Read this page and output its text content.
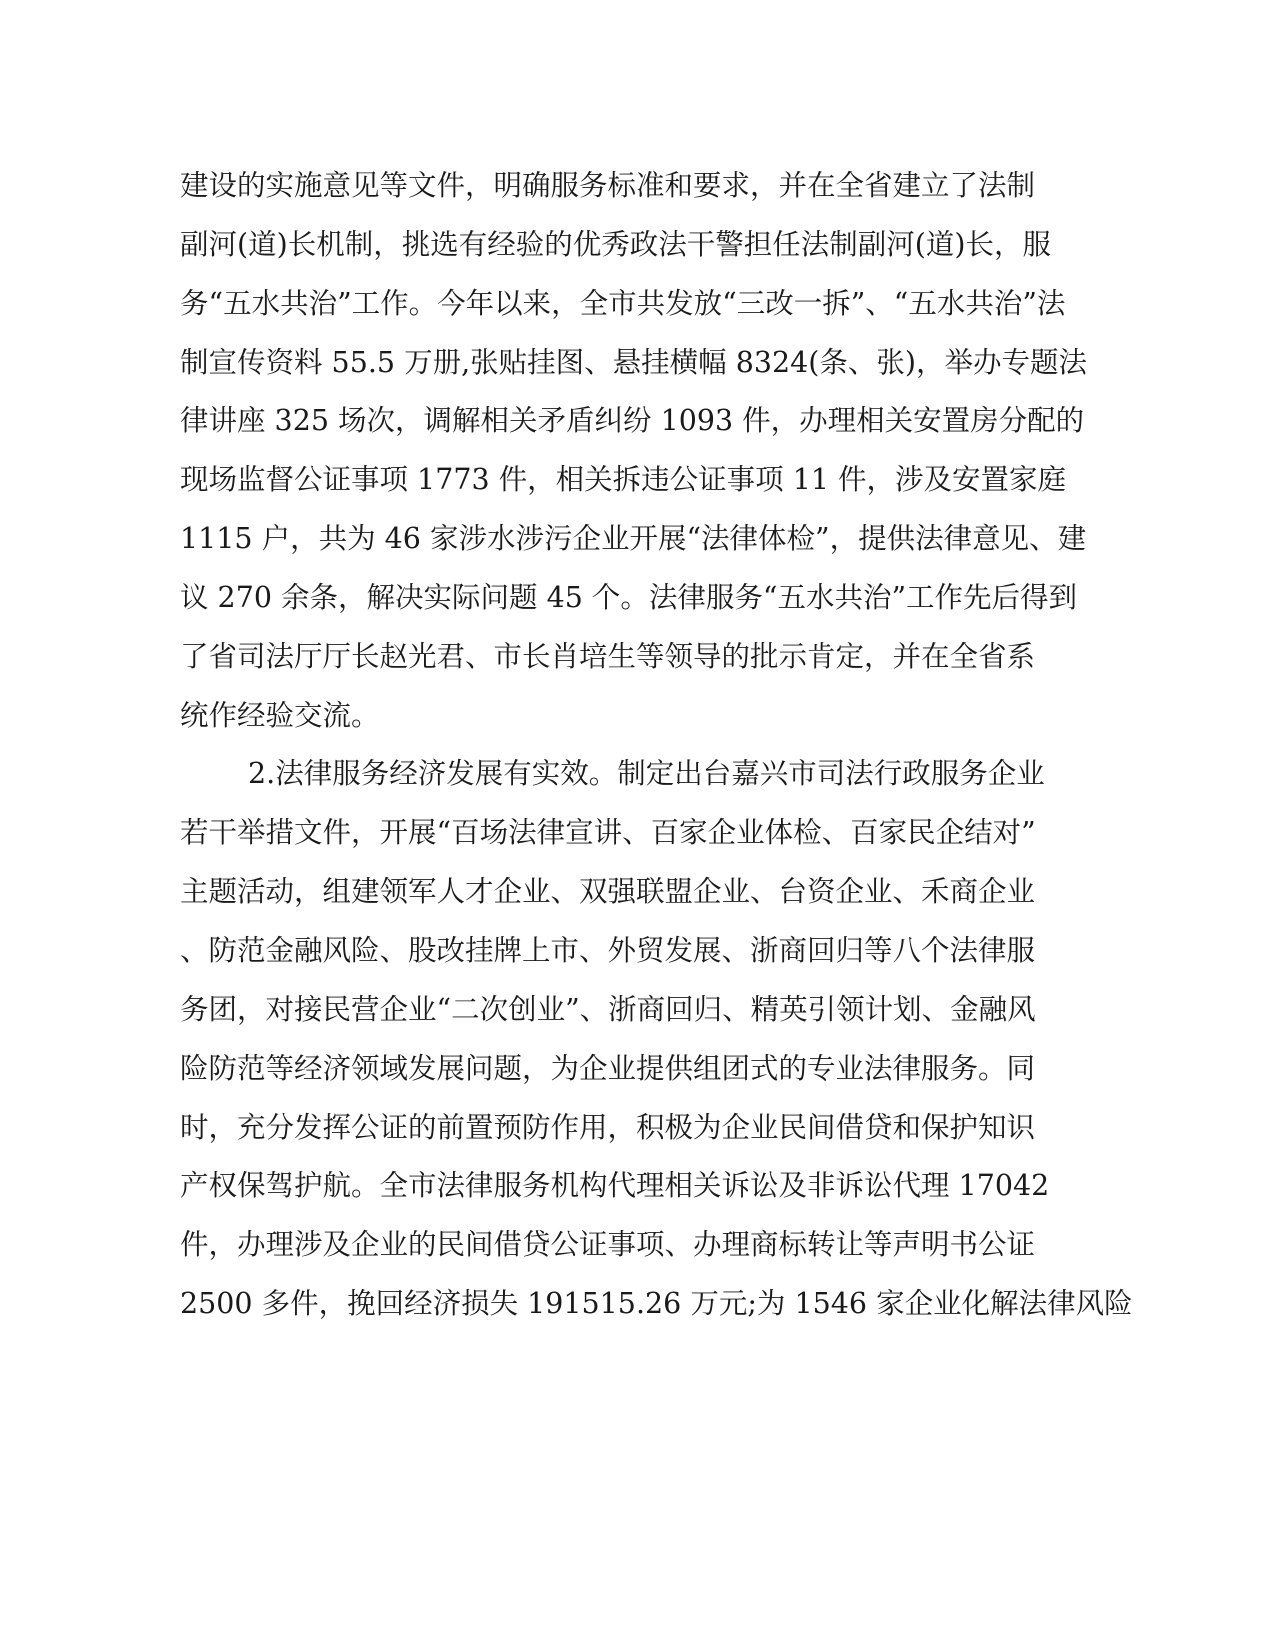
建设的实施意见等文件，明确服务标准和要求，并在全省建立了法制
副河(道)长机制，挑选有经验的优秀政法干警担任法制副河(道)长，服
务“五水共治”工作。今年以来，全市共发放“三改一拆”、“五水共治”法
制宣传资料 55.5 万册,张贴挂图、悬挂横幅 8324(条、张)，举办专题法
律讲座 325 场次，调解相关矛盾纠纷 1093 件，办理相关安置房分配的
现场监督公证事项 1773 件，相关拆违公证事项 11 件，涉及安置家庭
1115 户，共为 46 家涉水涉污企业开展“法律体检”，提供法律意见、建
议 270 余条，解决实际问题 45 个。法律服务“五水共治”工作先后得到
了省司法厅厅长赵光君、市长肖培生等领导的批示肯定，并在全省系
统作经验交流。
2.法律服务经济发展有实效。制定出台嘉兴市司法行政服务企业
若干举措文件，开展“百场法律宣讲、百家企业体检、百家民企结对”
主题活动，组建领军人才企业、双强联盟企业、台资企业、禾商企业
、防范金融风险、股改挂牌上市、外贸发展、浙商回归等八个法律服
务团，对接民营企业“二次创业”、浙商回归、精英引领计划、金融风
险防范等经济领域发展问题，为企业提供组团式的专业法律服务。同
时，充分发挥公证的前置预防作用，积极为企业民间借贷和保护知识
产权保驾护航。全市法律服务机构代理相关诉讼及非诉讼代理 17042
件，办理涉及企业的民间借贷公证事项、办理商标转让等声明书公证
2500 多件，挽回经济损失 191515.26 万元;为 1546 家企业化解法律风险
